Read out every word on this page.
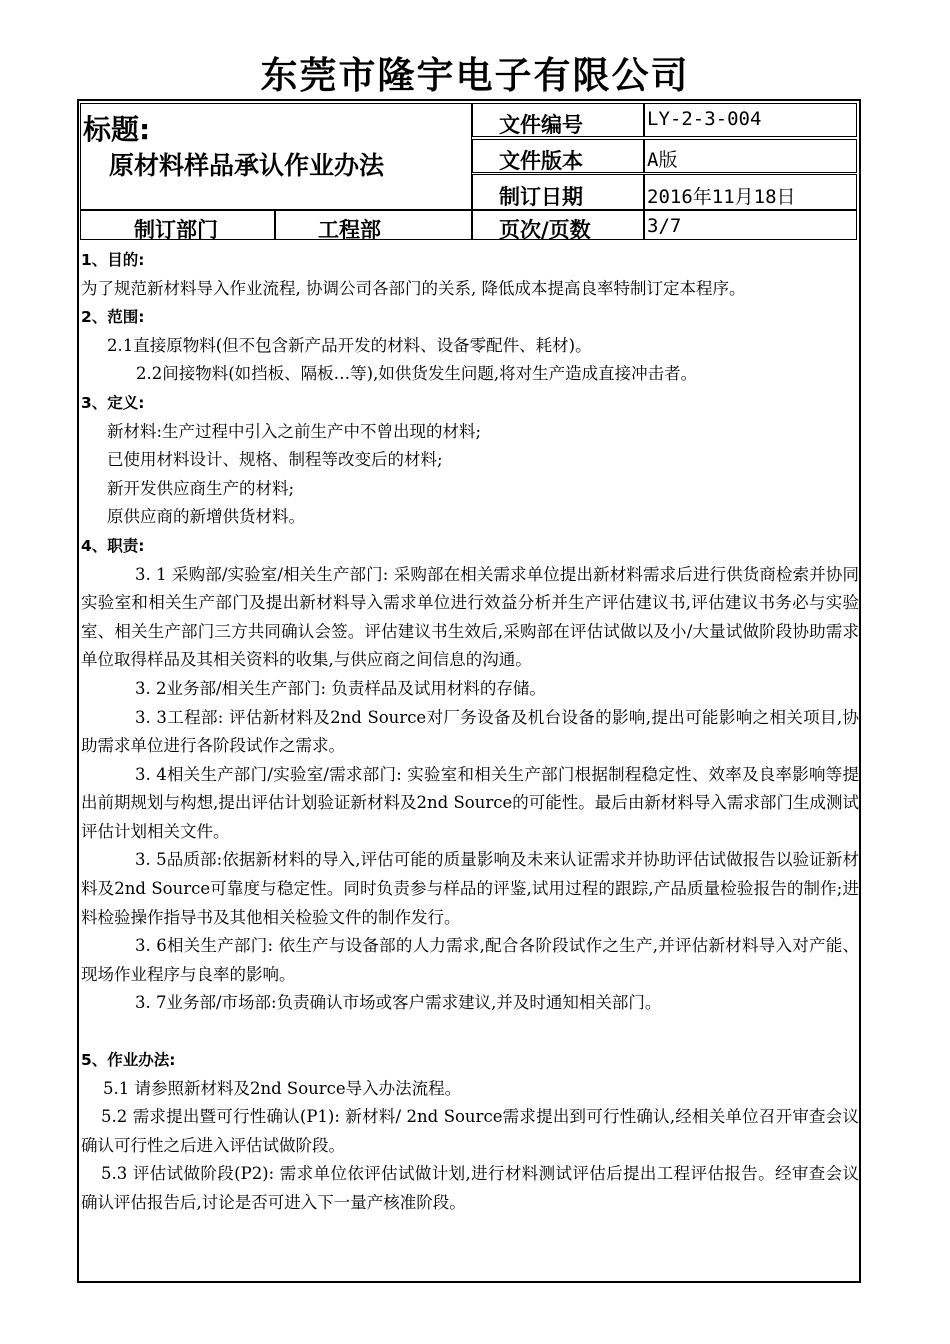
东莞市隆宇电子有限公司
标题:
原材料样品承认作业办法
文件编号	LY-2-3-004
文件版本	A版
制订日期	2016年11月18日
制订部门	工程部	页次/页数	3/7

1、目的:

为了规范新材料导入作业流程, 协调公司各部门的关系, 降低成本提高良率特制订定本程序。

2、范围:

2.1直接原物料(但不包含新产品开发的材料、设备零配件、耗材)。

2.2间接物料(如挡板、隔板…等),如供货发生问题,将对生产造成直接冲击者。

3、定义:

新材料:生产过程中引入之前生产中不曾出现的材料;

已使用材料设计、规格、制程等改变后的材料;

新开发供应商生产的材料;

原供应商的新增供货材料。

4、职责:

3. 1 采购部/实验室/相关生产部门: 采购部在相关需求单位提出新材料需求后进行供货商检索并协同实验室和相关生产部门及提出新材料导入需求单位进行效益分析并生产评估建议书,评估建议书务必与实验室、相关生产部门三方共同确认会签。评估建议书生效后,采购部在评估试做以及小/大量试做阶段协助需求单位取得样品及其相关资料的收集,与供应商之间信息的沟通。

3. 2业务部/相关生产部门: 负责样品及试用材料的存储。

3. 3工程部: 评估新材料及2nd Source对厂务设备及机台设备的影响,提出可能影响之相关项目,协助需求单位进行各阶段试作之需求。

3. 4相关生产部门/实验室/需求部门: 实验室和相关生产部门根据制程稳定性、效率及良率影响等提出前期规划与构想,提出评估计划验证新材料及2nd Source的可能性。最后由新材料导入需求部门生成测试评估计划相关文件。

3. 5品质部:依据新材料的导入,评估可能的质量影响及未来认证需求并协助评估试做报告以验证新材料及2nd Source可靠度与稳定性。同时负责参与样品的评鉴,试用过程的跟踪,产品质量检验报告的制作;进料检验操作指导书及其他相关检验文件的制作发行。

3. 6相关生产部门: 依生产与设备部的人力需求,配合各阶段试作之生产,并评估新材料导入对产能、现场作业程序与良率的影响。

3. 7业务部/市场部:负责确认市场或客户需求建议,并及时通知相关部门。

5、作业办法:

5.1 请参照新材料及2nd Source导入办法流程。

5.2 需求提出暨可行性确认(P1): 新材料/ 2nd Source需求提出到可行性确认,经相关单位召开审查会议确认可行性之后进入评估试做阶段。

5.3 评估试做阶段(P2): 需求单位依评估试做计划,进行材料测试评估后提出工程评估报告。经审查会议确认评估报告后,讨论是否可进入下一量产核准阶段。
